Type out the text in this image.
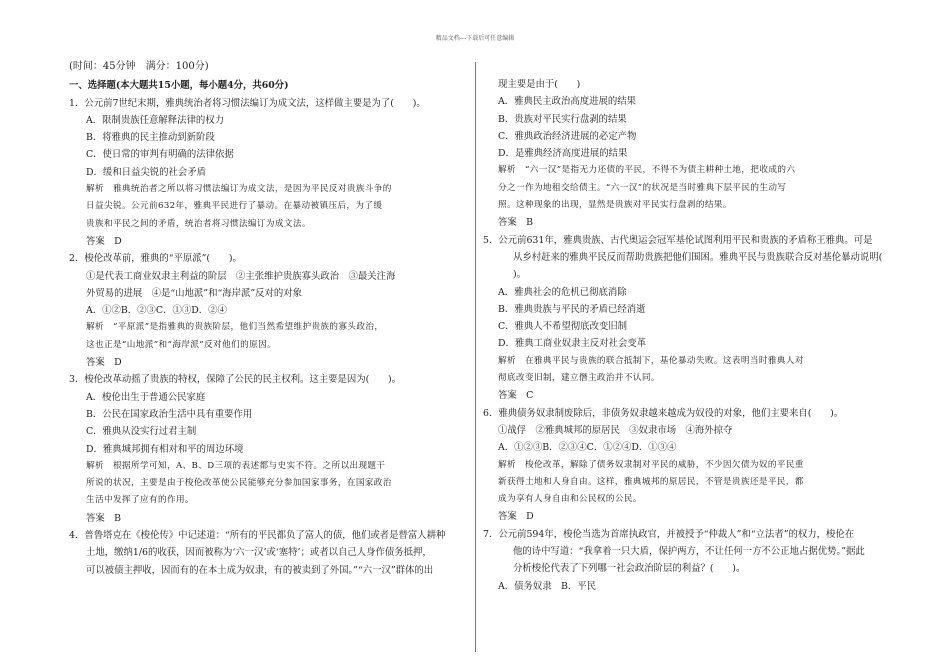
精品文档---下载后可任意编辑
(时间：45分钟　满分：100分)
一、选择题(本大题共15小题，每小题4分，共60分)
1．公元前7世纪末期，雅典统治者将习惯法编订为成文法，这样做主要是为了(　　)。
A．限制贵族任意解释法律的权力
B．将雅典的民主推动到新阶段
C．使日常的审判有明确的法律依据
D．缓和日益尖锐的社会矛盾
解析　雅典统治者之所以将习惯法编订为成文法，是因为平民反对贵族斗争的
日益尖锐。公元前632年，雅典平民进行了暴动。在暴动被镇压后，为了缓
贵族和平民之间的矛盾，统治者将习惯法编订为成文法。
答案　D
2．梭伦改革前，雅典的“平原派”(　　)。
①是代表工商业奴隶主利益的阶层　②主张维护贵族寡头政治　③最关注海
外贸易的进展　④是“山地派”和“海岸派”反对的对象
A．①②B．②③C．①③D．②④
解析　“平原派”是指雅典的贵族阶层，他们当然希望维护贵族的寡头政治，
这也正是“山地派”和“海岸派”反对他们的原因。
答案　D
3．梭伦改革动摇了贵族的特权，保障了公民的民主权利。这主要是因为(　　)。
A．梭伦出生于普通公民家庭
B．公民在国家政治生活中具有重要作用
C．雅典从没实行过君主制
D．雅典城邦拥有相对和平的周边环境
解析　根据所学可知，A、B、D三项的表述都与史实不符。之所以出现题干
所说的状况，主要是由于梭伦改革使公民能够充分参加国家事务，在国家政治
生活中发挥了应有的作用。
答案　B
4．普鲁塔克在《梭伦传》中记述道：“所有的平民都负了富人的债，他们或者是替富人耕种
土地，缴纳1/6的收获，因而被称为‘六一汉’或‘塞特’；或者以自己人身作债务抵押，
可以被债主押收，因而有的在本土成为奴隶，有的被卖到了外国。”“六一汉”群体的出
现主要是由于(　　)
A．雅典民主政治高度进展的结果
B．贵族对平民实行盘剥的结果
C．雅典政治经济进展的必定产物
D．是雅典经济高度进展的结果
解析　“六一汉”是指无力还债的平民，不得不为债主耕种土地，把收成的六
分之一作为地租交给债主。“六一汉”的状况是当时雅典下层平民的生动写
照。这种现象的出现，显然是贵族对平民实行盘剥的结果。
答案　B
5．公元前631年，雅典贵族、古代奥运会冠军基伦试图利用平民和贵族的矛盾称王雅典。可是
从乡村赶来的雅典平民反而帮助贵族把他们围困。雅典平民与贵族联合反对基伦暴动说明(
)。
A．雅典社会的危机已彻底消除
B．雅典贵族与平民的矛盾已经消逝
C．雅典人不希望彻底改变旧制
D．雅典工商业奴隶主反对社会变革
解析　在雅典平民与贵族的联合抵制下，基伦暴动失败。这表明当时雅典人对
彻底改变旧制，建立僭主政治并不认同。
答案　C
6．雅典债务奴隶制废除后，非债务奴隶越来越成为奴役的对象，他们主要来自(　　)。
①战俘　②雅典城邦的原居民　③奴隶市场　④海外掠夺
A．①②③B．②③④C．①②④D．①③④
解析　梭伦改革，解除了债务奴隶制对平民的威胁，不少因欠债为奴的平民重
新获得土地和人身自由。这样，雅典城邦的原居民，不管是贵族还是平民，都
成为享有人身自由和公民权的公民。
答案　D
7．公元前594年，梭伦当选为首席执政官，并被授予“仲裁人”和“立法者”的权力，梭伦在
他的诗中写道：“我拿着一只大盾，保护两方，不让任何一方不公正地占据优势。”据此
分析梭伦代表了下列哪一社会政治阶层的利益？(　　)。
A．债务奴隶　B．平民
